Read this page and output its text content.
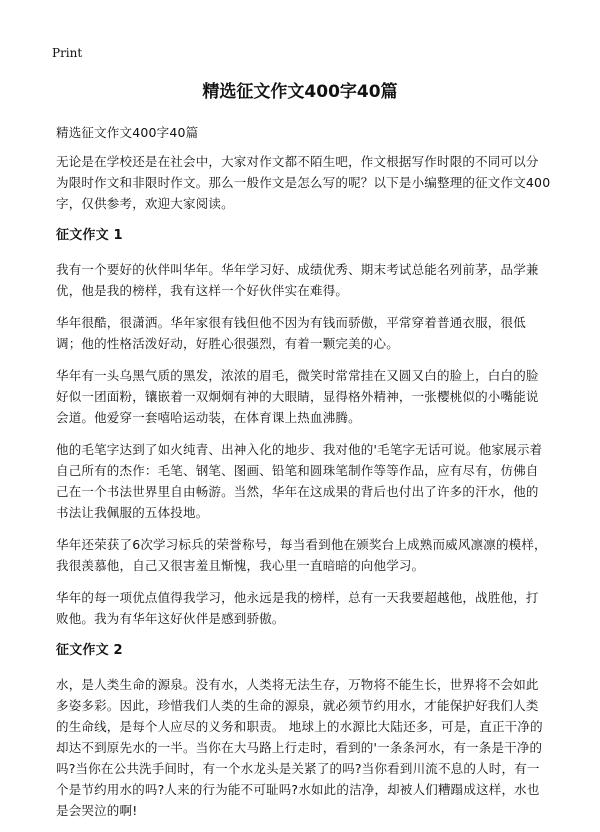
Print
精选征文作文400字40篇

精选征文作文400字40篇

无论是在学校还是在社会中，大家对作文都不陌生吧，作文根据写作时限的不同可以分为限时作文和非限时作文。那么一般作文是怎么写的呢？以下是小编整理的征文作文400字，仅供参考，欢迎大家阅读。

征文作文 1

我有一个要好的伙伴叫华年。华年学习好、成绩优秀、期末考试总能名列前茅，品学兼优，他是我的榜样，我有这样一个好伙伴实在难得。

华年很酷，很潇洒。华年家很有钱但他不因为有钱而骄傲，平常穿着普通衣服，很低调；他的性格活泼好动，好胜心很强烈，有着一颗完美的心。

华年有一头乌黑气质的黑发，浓浓的眉毛，微笑时常常挂在又圆又白的脸上，白白的脸好似一团面粉，镶嵌着一双炯炯有神的大眼睛，显得格外精神，一张樱桃似的小嘴能说会道。他爱穿一套嘻哈运动装，在体育课上热血沸腾。

他的毛笔字达到了如火纯青、出神入化的地步、我对他的'毛笔字无话可说。他家展示着自己所有的杰作：毛笔、钢笔、图画、铅笔和圆珠笔制作等等作品，应有尽有，仿佛自己在一个书法世界里自由畅游。当然，华年在这成果的背后也付出了许多的汗水，他的书法让我佩服的五体投地。

华年还荣获了6次学习标兵的荣誉称号，每当看到他在颁奖台上成熟而威风凛凛的模样，我很羡慕他，自己又很害羞且惭愧，我心里一直暗暗的向他学习。

华年的每一项优点值得我学习，他永远是我的榜样，总有一天我要超越他，战胜他，打败他。我为有华年这好伙伴是感到骄傲。

征文作文 2

水，是人类生命的源泉。没有水，人类将无法生存，万物将不能生长，世界将不会如此多姿多彩。因此，珍惜我们人类的生命的源泉，就必须节约用水，才能保护好我们人类的生命线，是每个人应尽的义务和职责。 地球上的水源比大陆还多，可是，直正干净的却达不到原先水的一半。当你在大马路上行走时，看到的'一条条河水，有一条是干净的吗?当你在公共洗手间时，有一个水龙头是关紧了的吗?当你看到川流不息的人时，有一个是节约用水的吗?人来的行为能不可耻吗?水如此的洁净，却被人们糟蹋成这样，水也是会哭泣的啊!
